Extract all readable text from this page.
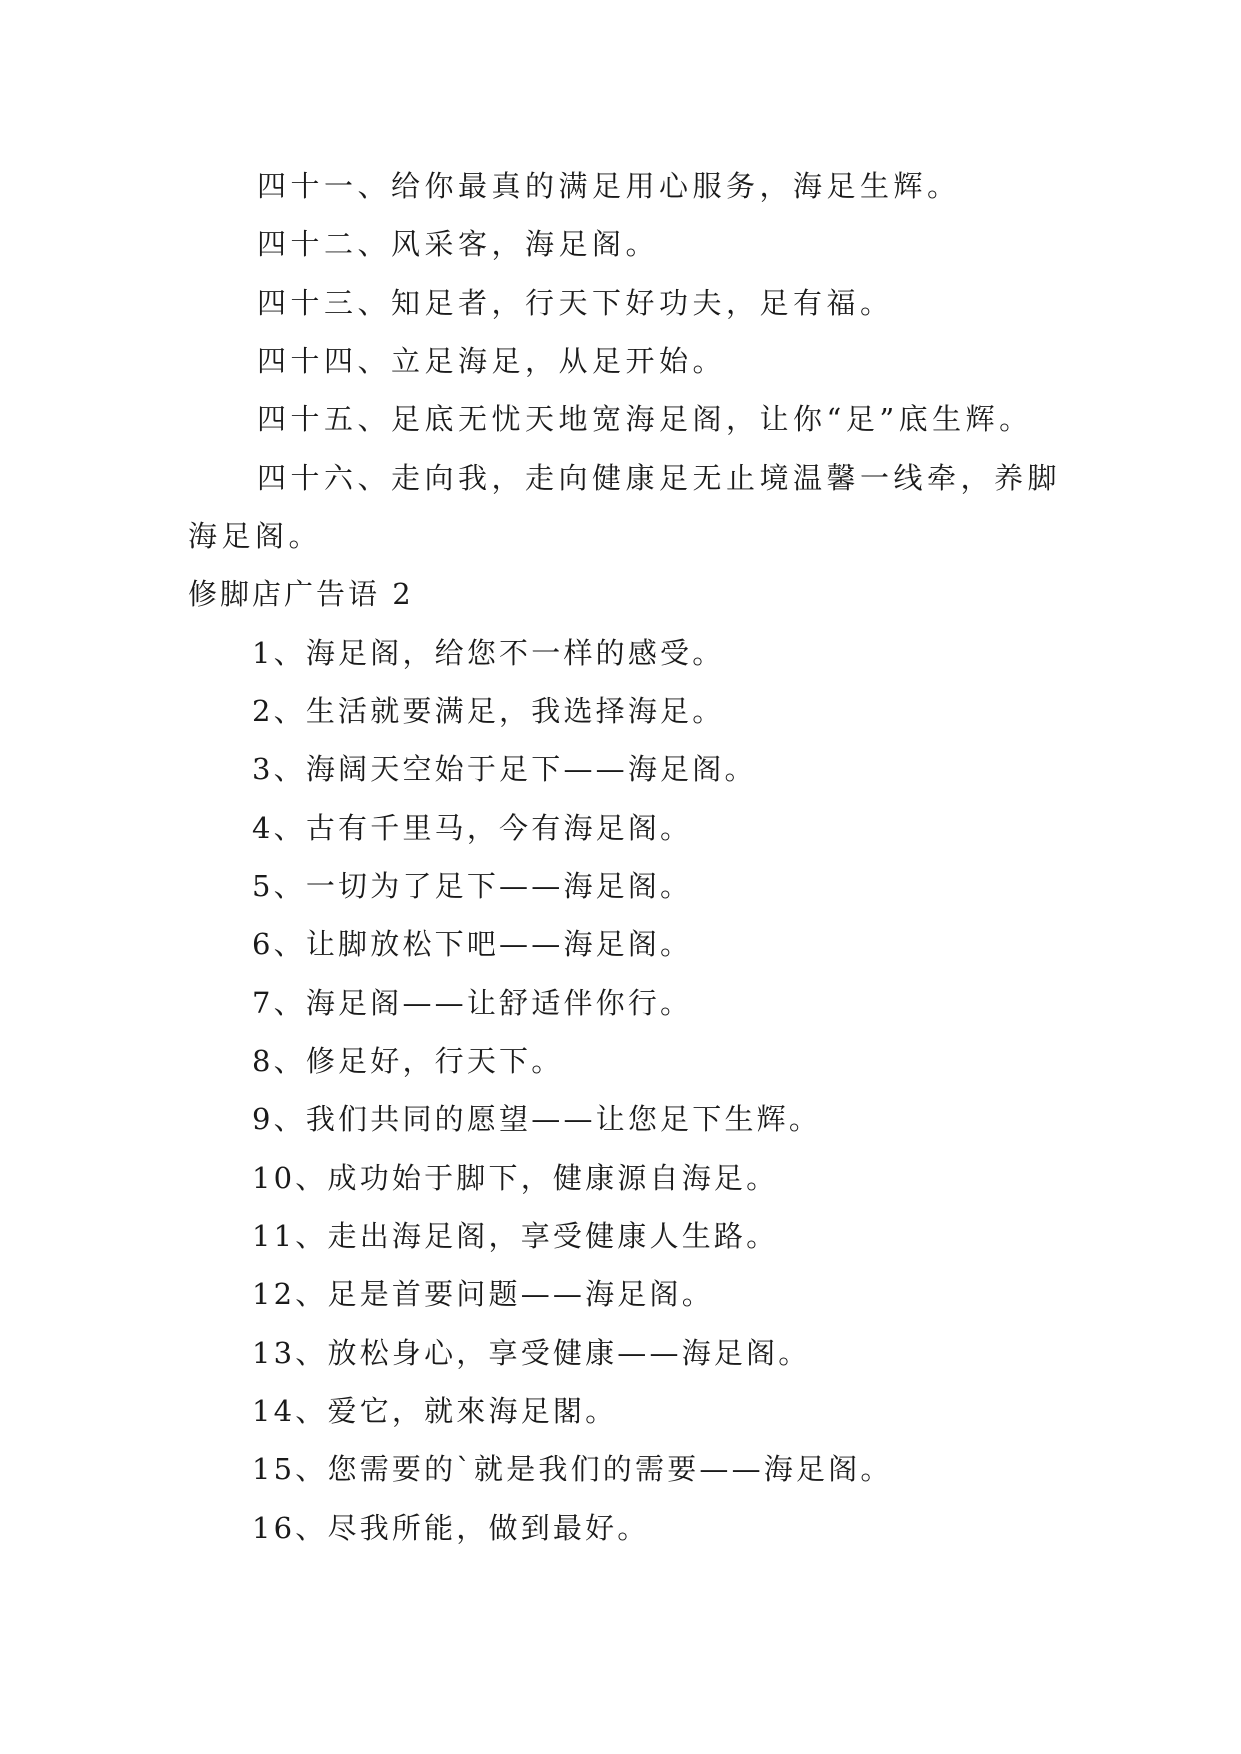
四十一、给你最真的满足用心服务，海足生辉。

四十二、风采客，海足阁。

四十三、知足者，行天下好功夫，足有福。

四十四、立足海足，从足开始。

四十五、足底无忧天地宽海足阁，让你“足”底生辉。

四十六、走向我，走向健康足无止境温馨一线牵，养脚

海足阁。

修脚店广告语 2

1、海足阁，给您不一样的感受。

2、生活就要满足，我选择海足。

3、海阔天空始于足下——海足阁。

4、古有千里马，今有海足阁。

5、一切为了足下——海足阁。

6、让脚放松下吧——海足阁。

7、海足阁——让舒适伴你行。

8、修足好，行天下。

9、我们共同的愿望——让您足下生辉。

10、成功始于脚下，健康源自海足。

11、走出海足阁，享受健康人生路。

12、足是首要问题——海足阁。

13、放松身心，享受健康——海足阁。

14、爱它，就來海足閣。

15、您需要的`就是我们的需要——海足阁。

16、尽我所能，做到最好。
